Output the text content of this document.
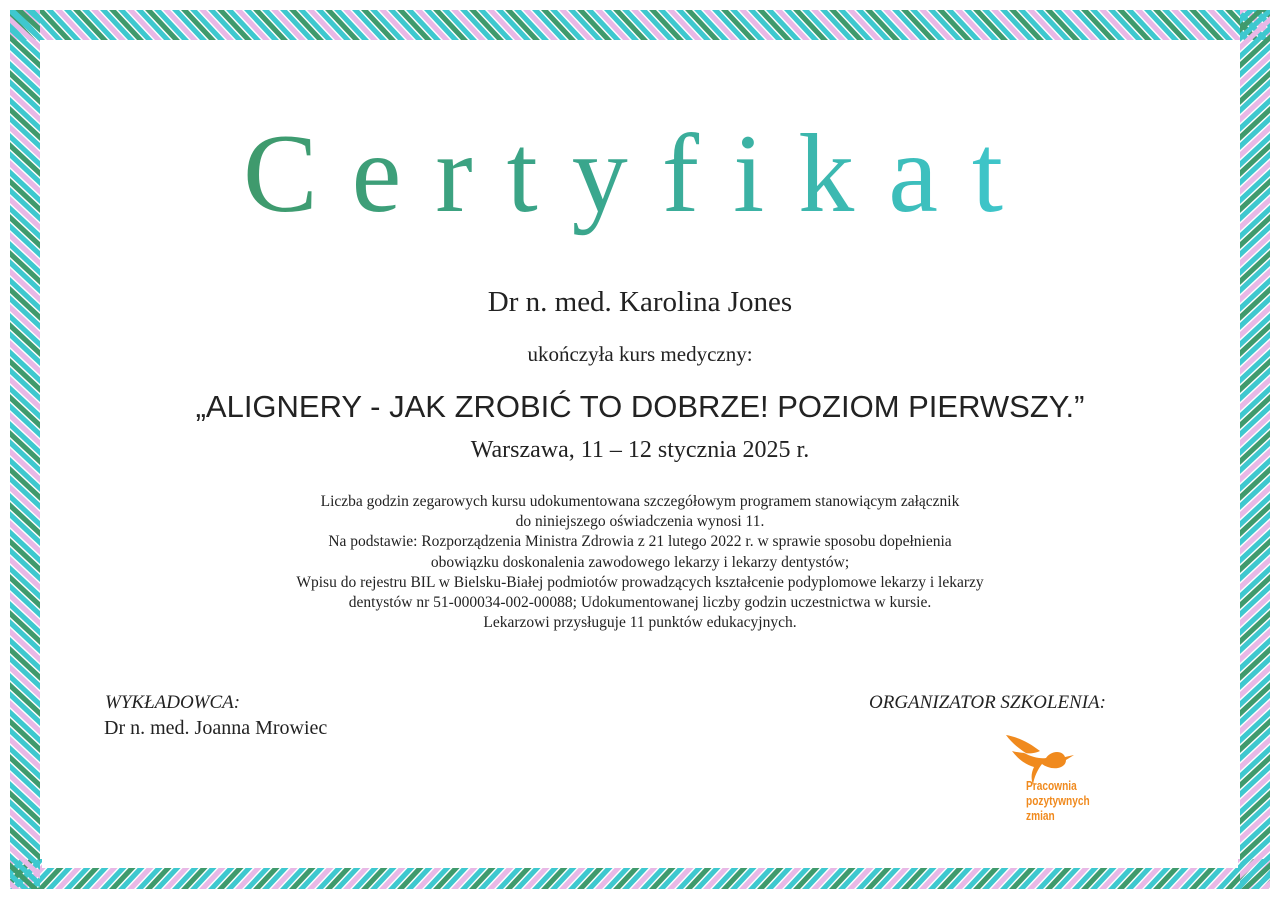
Certyfikat
Dr n. med. Karolina Jones
ukończyła kurs medyczny:
„ALIGNERY - JAK ZROBIĆ TO DOBRZE! POZIOM PIERWSZY.”
Warszawa, 11 – 12 stycznia 2025 r.
Liczba godzin zegarowych kursu udokumentowana szczegółowym programem stanowiącym załącznik
do niniejszego oświadczenia wynosi 11.
Na podstawie: Rozporządzenia Ministra Zdrowia z 21 lutego 2022 r. w sprawie sposobu dopełnienia
obowiązku doskonalenia zawodowego lekarzy i lekarzy dentystów;
Wpisu do rejestru BIL w Bielsku-Białej podmiotów prowadzących kształcenie podyplomowe lekarzy i lekarzy
dentystów nr 51-000034-002-00088; Udokumentowanej liczby godzin uczestnictwa w kursie.
Lekarzowi przysługuje 11 punktów edukacyjnych.
WYKŁADOWCA:
Dr n. med. Joanna Mrowiec
ORGANIZATOR SZKOLENIA:
Pracownia
pozytywnych
zmian
